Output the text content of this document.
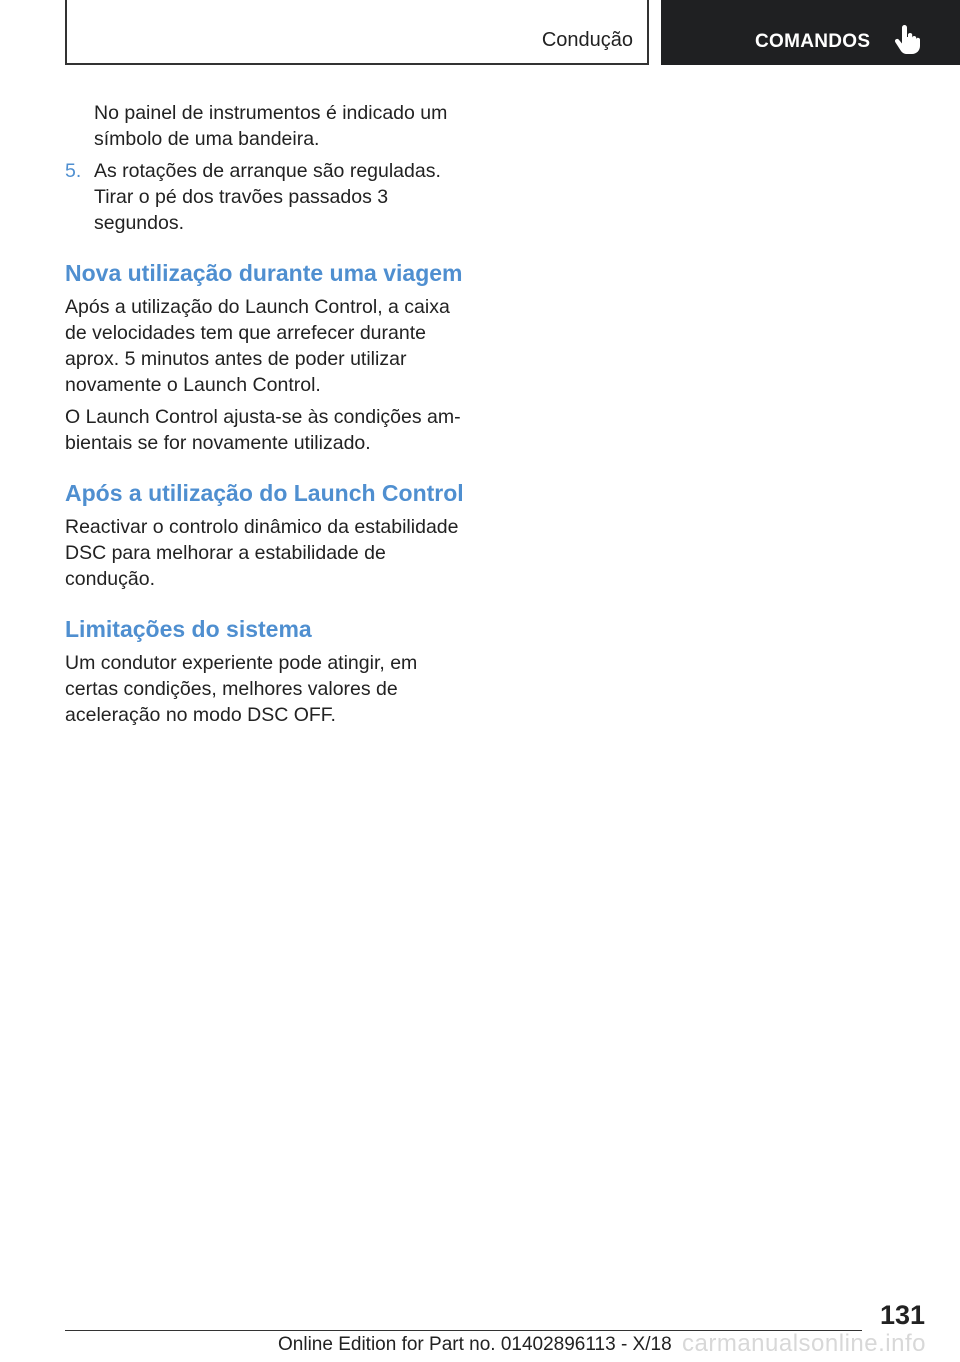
Condução	COMANDOS

No painel de instrumentos é indicado um símbolo de uma bandeira.

5. As rotações de arranque são reguladas. Tirar o pé dos travões passados 3 segundos.
Nova utilização durante uma viagem

Após a utilização do Launch Control, a caixa de velocidades tem que arrefecer durante aprox. 5 minutos antes de poder utilizar novamente o Launch Control.

O Launch Control ajusta-se às condições ambientais se for novamente utilizado.

Após a utilização do Launch Control

Reactivar o controlo dinâmico da estabilidade DSC para melhorar a estabilidade de condução.

Limitações do sistema

Um condutor experiente pode atingir, em certas condições, melhores valores de aceleração no modo DSC OFF.

131
Online Edition for Part no. 01402896113 - X/18 carmanualsonline.info
